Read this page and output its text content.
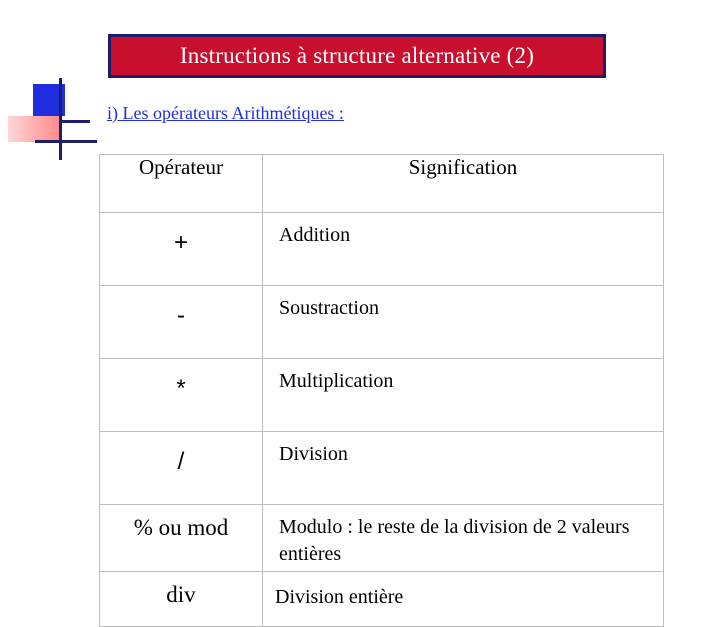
Instructions à structure alternative (2)
i) Les opérateurs Arithmétiques :
Opérateur	Signification
+	Addition
-	Soustraction
*	Multiplication
/	Division
% ou mod	Modulo : le reste de la division de 2 valeurs entières
div	Division entière
